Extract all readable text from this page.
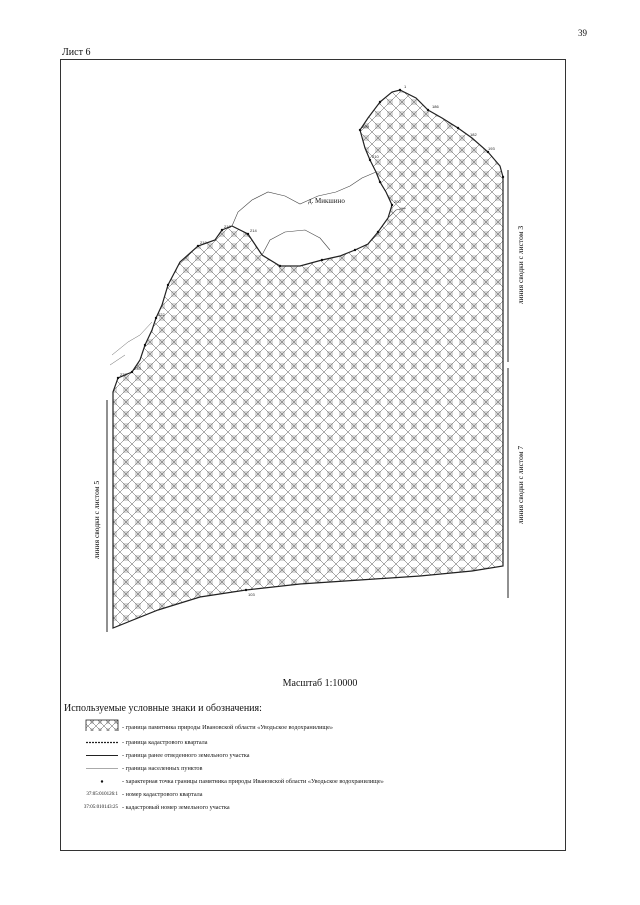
39
Лист 6
1
103
182
186
193
200
209
210
214
218
219
222
233
237
д. Микшино
линия сводки с листом 3
линия сводки с листом 7
линия сводки с листом 5
Масштаб 1:10000
Используемые условные знаки и обозначения:
- граница памятника природы Ивановской области «Уводьское водохранилище»
- граница кадастрового квартала
- граница ранее отведенного земельного участка
- граница населенных пунктов
- характерная точка границы памятника природы Ивановской области «Уводьское водохранилище»
37:05:010126:1 - номер кадастрового квартала
37:05:010143:25 - кадастровый номер земельного участка
